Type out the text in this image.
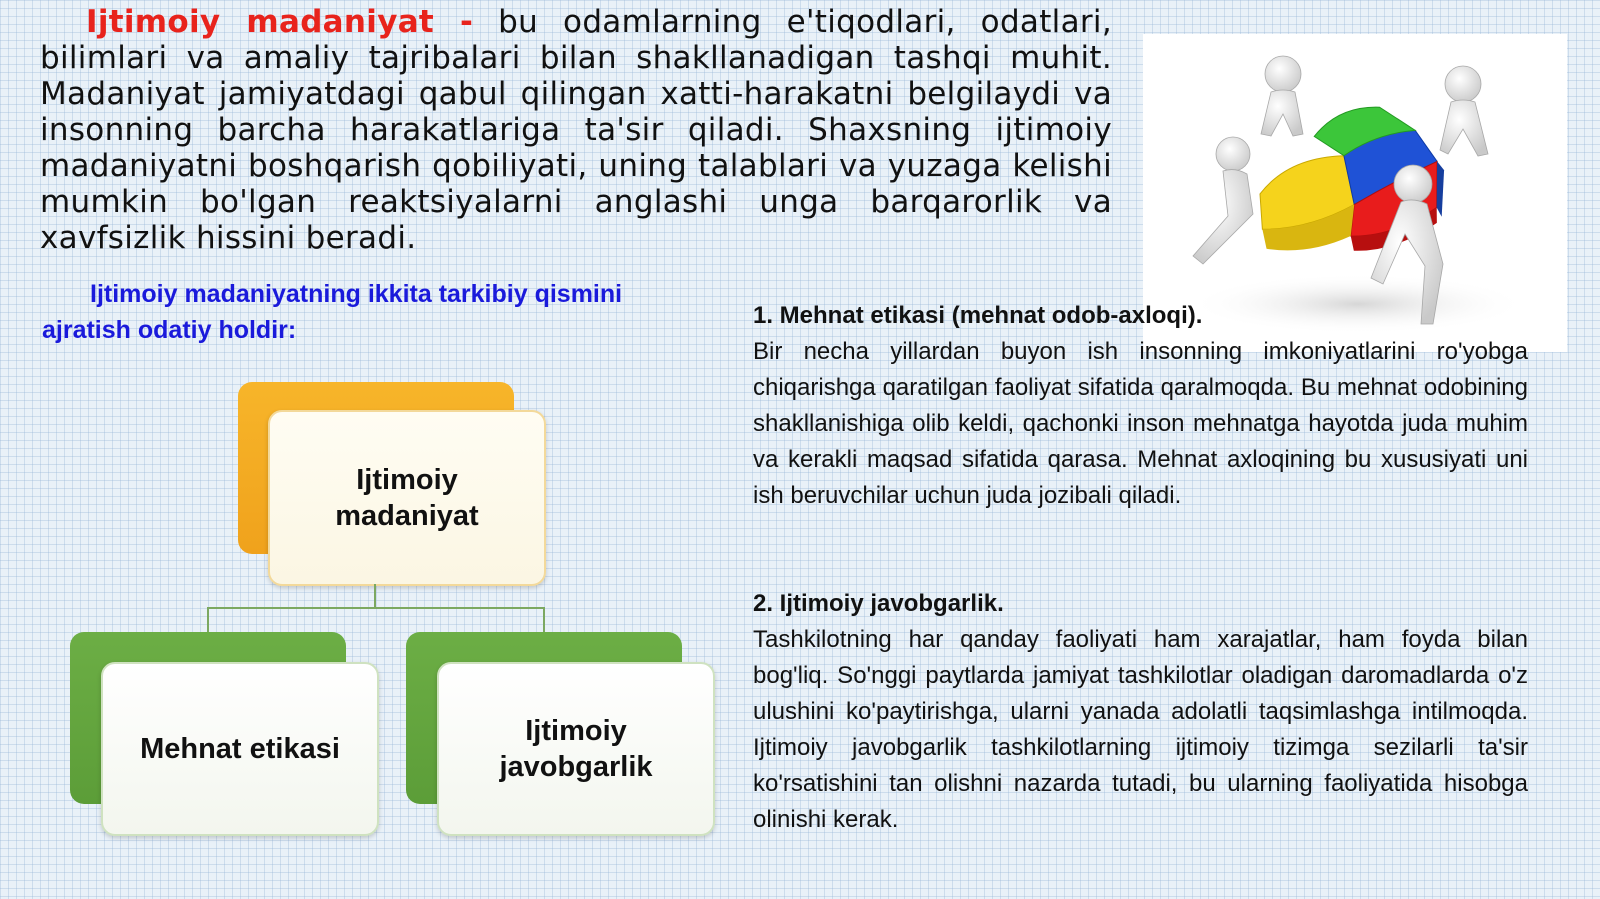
Ijtimoiy madaniyat - bu odamlarning e'tiqodlari, odatlari, bilimlari va amaliy tajribalari bilan shakllanadigan tashqi muhit. Madaniyat jamiyatdagi qabul qilingan xatti-harakatni belgilaydi va insonning barcha harakatlariga ta'sir qiladi. Shaxsning ijtimoiy madaniyatni boshqarish qobiliyati, uning talablari va yuzaga kelishi mumkin bo'lgan reaktsiyalarni anglashi unga barqarorlik va xavfsizlik hissini beradi.

Ijtimoiy madaniyatning ikkita tarkibiy qismini ajratish odatiy holdir:

Ijtimoiy madaniyat
Mehnat etikasi
Ijtimoiy javobgarlik
1. Mehnat etikasi (mehnat odob-axloqi).
Bir necha yillardan buyon ish insonning imkoniyatlarini ro'yobga chiqarishga qaratilgan faoliyat sifatida qaralmoqda. Bu mehnat odobining shakllanishiga olib keldi, qachonki inson mehnatga hayotda juda muhim va kerakli maqsad sifatida qarasa. Mehnat axloqining bu xususiyati uni ish beruvchilar uchun juda jozibali qiladi.
2. Ijtimoiy javobgarlik.
Tashkilotning har qanday faoliyati ham xarajatlar, ham foyda bilan bog'liq. So'nggi paytlarda jamiyat tashkilotlar oladigan daromadlarda o'z ulushini ko'paytirishga, ularni yanada adolatli taqsimlashga intilmoqda. Ijtimoiy javobgarlik tashkilotlarning ijtimoiy tizimga sezilarli ta'sir ko'rsatishini tan olishni nazarda tutadi, bu ularning faoliyatida hisobga olinishi kerak.
